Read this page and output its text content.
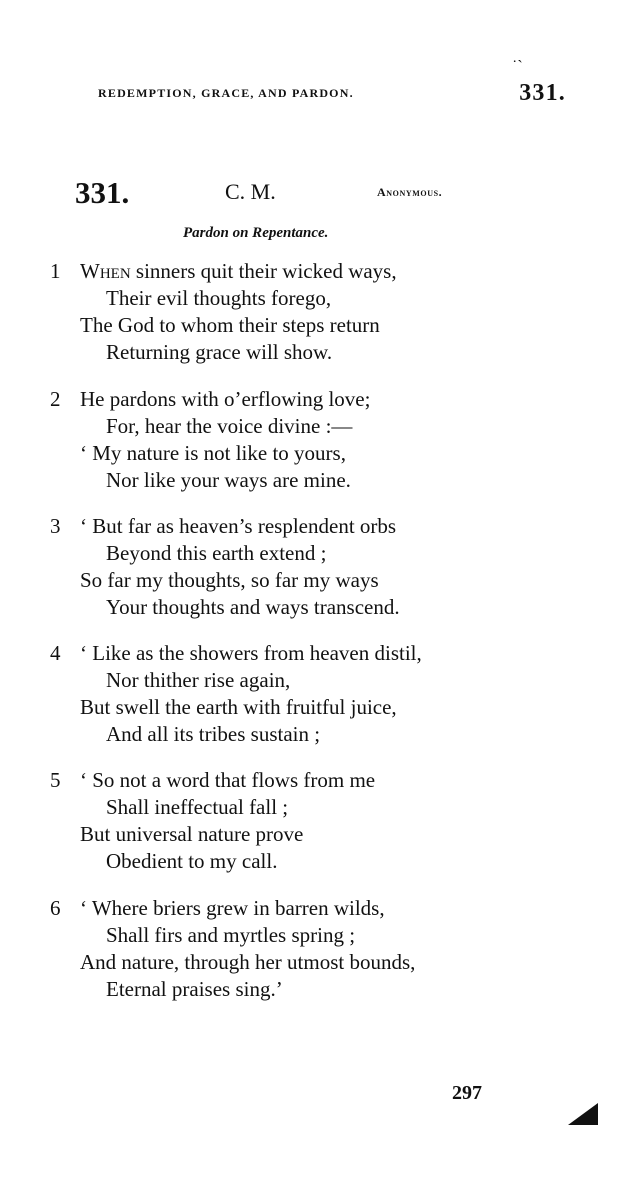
˙ˋ
REDEMPTION, GRACE, AND PARDON.	331.
331.	C. M.	Anonymous.
Pardon on Repentance.
1 When sinners quit their wicked ways,
Their evil thoughts forego,
The God to whom their steps return
Returning grace will show.
2 He pardons with o’erflowing love;
For, hear the voice divine :—
‘ My nature is not like to yours,
Nor like your ways are mine.
3 ‘ But far as heaven’s resplendent orbs
Beyond this earth extend ;
So far my thoughts, so far my ways
Your thoughts and ways transcend.
4 ‘ Like as the showers from heaven distil,
Nor thither rise again,
But swell the earth with fruitful juice,
And all its tribes sustain ;
5 ‘ So not a word that flows from me
Shall ineffectual fall ;
But universal nature prove
Obedient to my call.
6 ‘ Where briers grew in barren wilds,
Shall firs and myrtles spring ;
And nature, through her utmost bounds,
Eternal praises sing.’
297
